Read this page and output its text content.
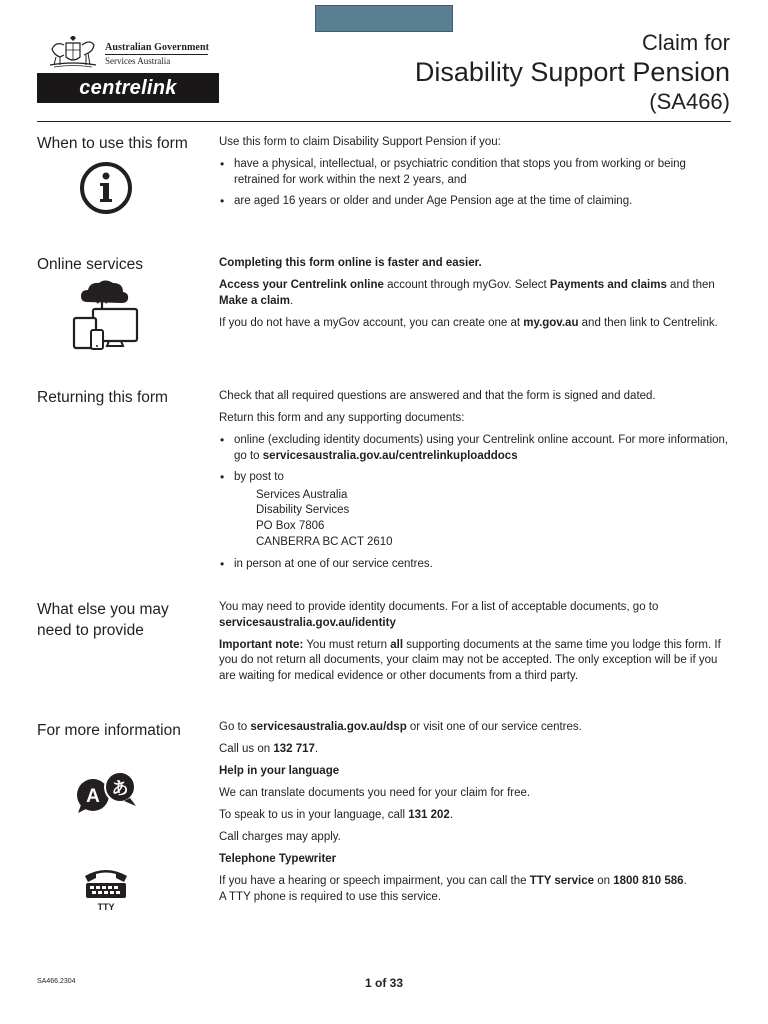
Australian Government
Services Australia
centrelink
Claim for
Disability Support Pension
(SA466)
When to use this form	Use this form to claim Disability Support Pension if you:

• have a physical, intellectual, or psychiatric condition that stops you from working or being retrained for work within the next 2 years, and
• are aged 16 years or older and under Age Pension age at the time of claiming.
Online services	Completing this form online is faster and easier.

Access your Centrelink online account through myGov. Select Payments and claims and then Make a claim.

If you do not have a myGov account, you can create one at my.gov.au and then link to Centrelink.

Returning this form	Check that all required questions are answered and that the form is signed and dated.

Return this form and any supporting documents:

• online (excluding identity documents) using your Centrelink online account. For more information, go to servicesaustralia.gov.au/centrelinkuploaddocs
• by post to
Services Australia
Disability Services
PO Box 7806
CANBERRA BC ACT 2610
• in person at one of our service centres.
What else you may
need to provide

You may need to provide identity documents. For a list of acceptable documents, go to servicesaustralia.gov.au/identity

Important note: You must return all supporting documents at the same time you lodge this form. If you do not return all documents, your claim may not be accepted. The only exception will be if you are waiting for medical evidence or other documents from a third party.

For more information
A あ
TTY

Go to servicesaustralia.gov.au/dsp or visit one of our service centres.

Call us on 132 717.

Help in your language

We can translate documents you need for your claim for free.

To speak to us in your language, call 131 202.

Call charges may apply.

Telephone Typewriter

If you have a hearing or speech impairment, you can call the TTY service on 1800 810 586.

A TTY phone is required to use this service.

SA466.2304	1 of 33
